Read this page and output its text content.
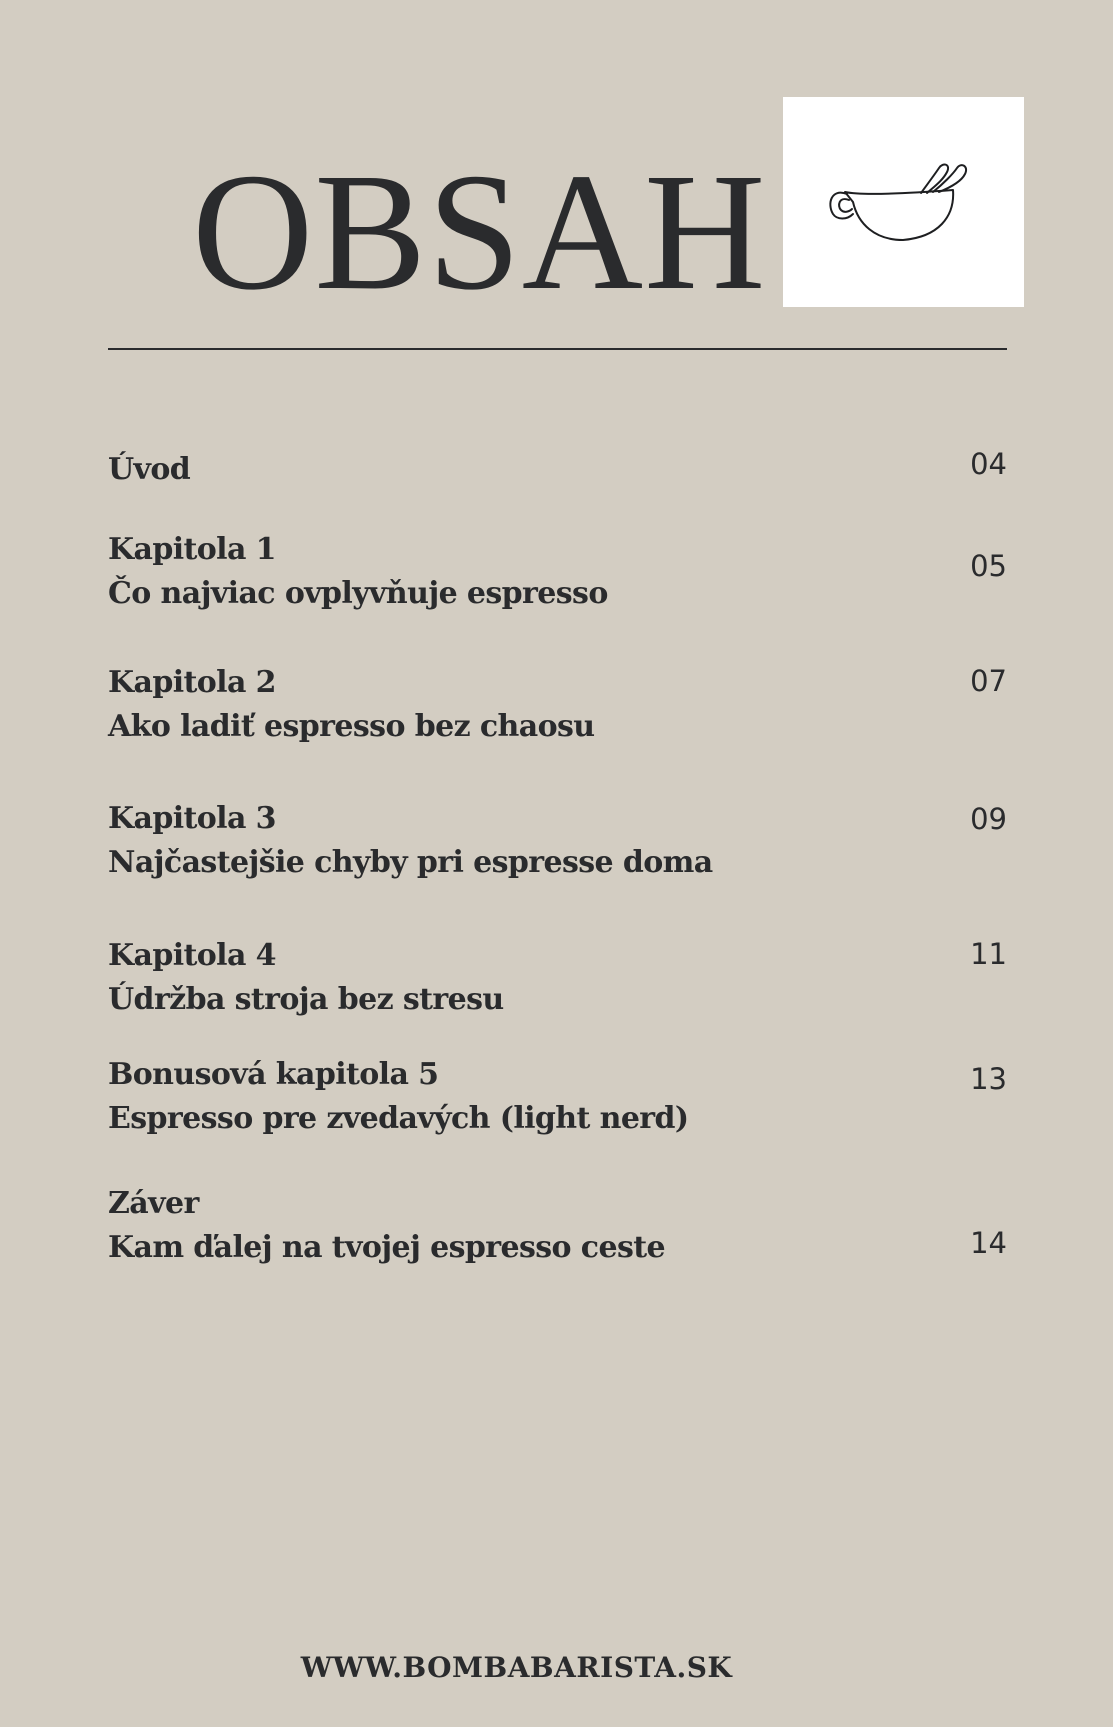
OBSAH
Úvod	04
Kapitola 1
Čo najviac ovplyvňuje espresso
05
Kapitola 2
Ako ladiť espresso bez chaosu
07
Kapitola 3
Najčastejšie chyby pri espresse doma
09
Kapitola 4
Údržba stroja bez stresu
11
Bonusová kapitola 5
Espresso pre zvedavých (light nerd)
13
Záver
Kam ďalej na tvojej espresso ceste	14
WWW.BOMBABARISTA.SK
